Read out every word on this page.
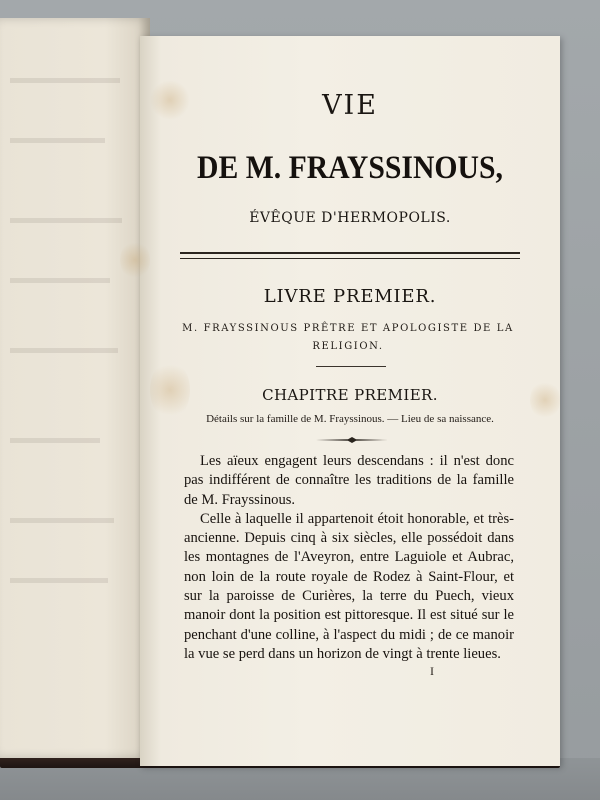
VIE
DE M. FRAYSSINOUS,
ÉVÊQUE D'HERMOPOLIS.
LIVRE PREMIER.
M. FRAYSSINOUS PRÊTRE ET APOLOGISTE DE LA RELIGION.
CHAPITRE PREMIER.
Détails sur la famille de M. Frayssinous. — Lieu de sa naissance.

Les aïeux engagent leurs descendans : il n'est donc pas indifférent de connaître les traditions de la famille de M. Frayssinous.

Celle à laquelle il appartenoit étoit honorable, et très-ancienne. Depuis cinq à six siècles, elle possédoit dans les montagnes de l'Aveyron, entre Laguiole et Aubrac, non loin de la route royale de Rodez à Saint-Flour, et sur la paroisse de Curières, la terre du Puech, vieux manoir dont la position est pittoresque. Il est situé sur le penchant d'une colline, à l'aspect du midi ; de ce manoir la vue se perd dans un horizon de vingt à trente lieues.

I
